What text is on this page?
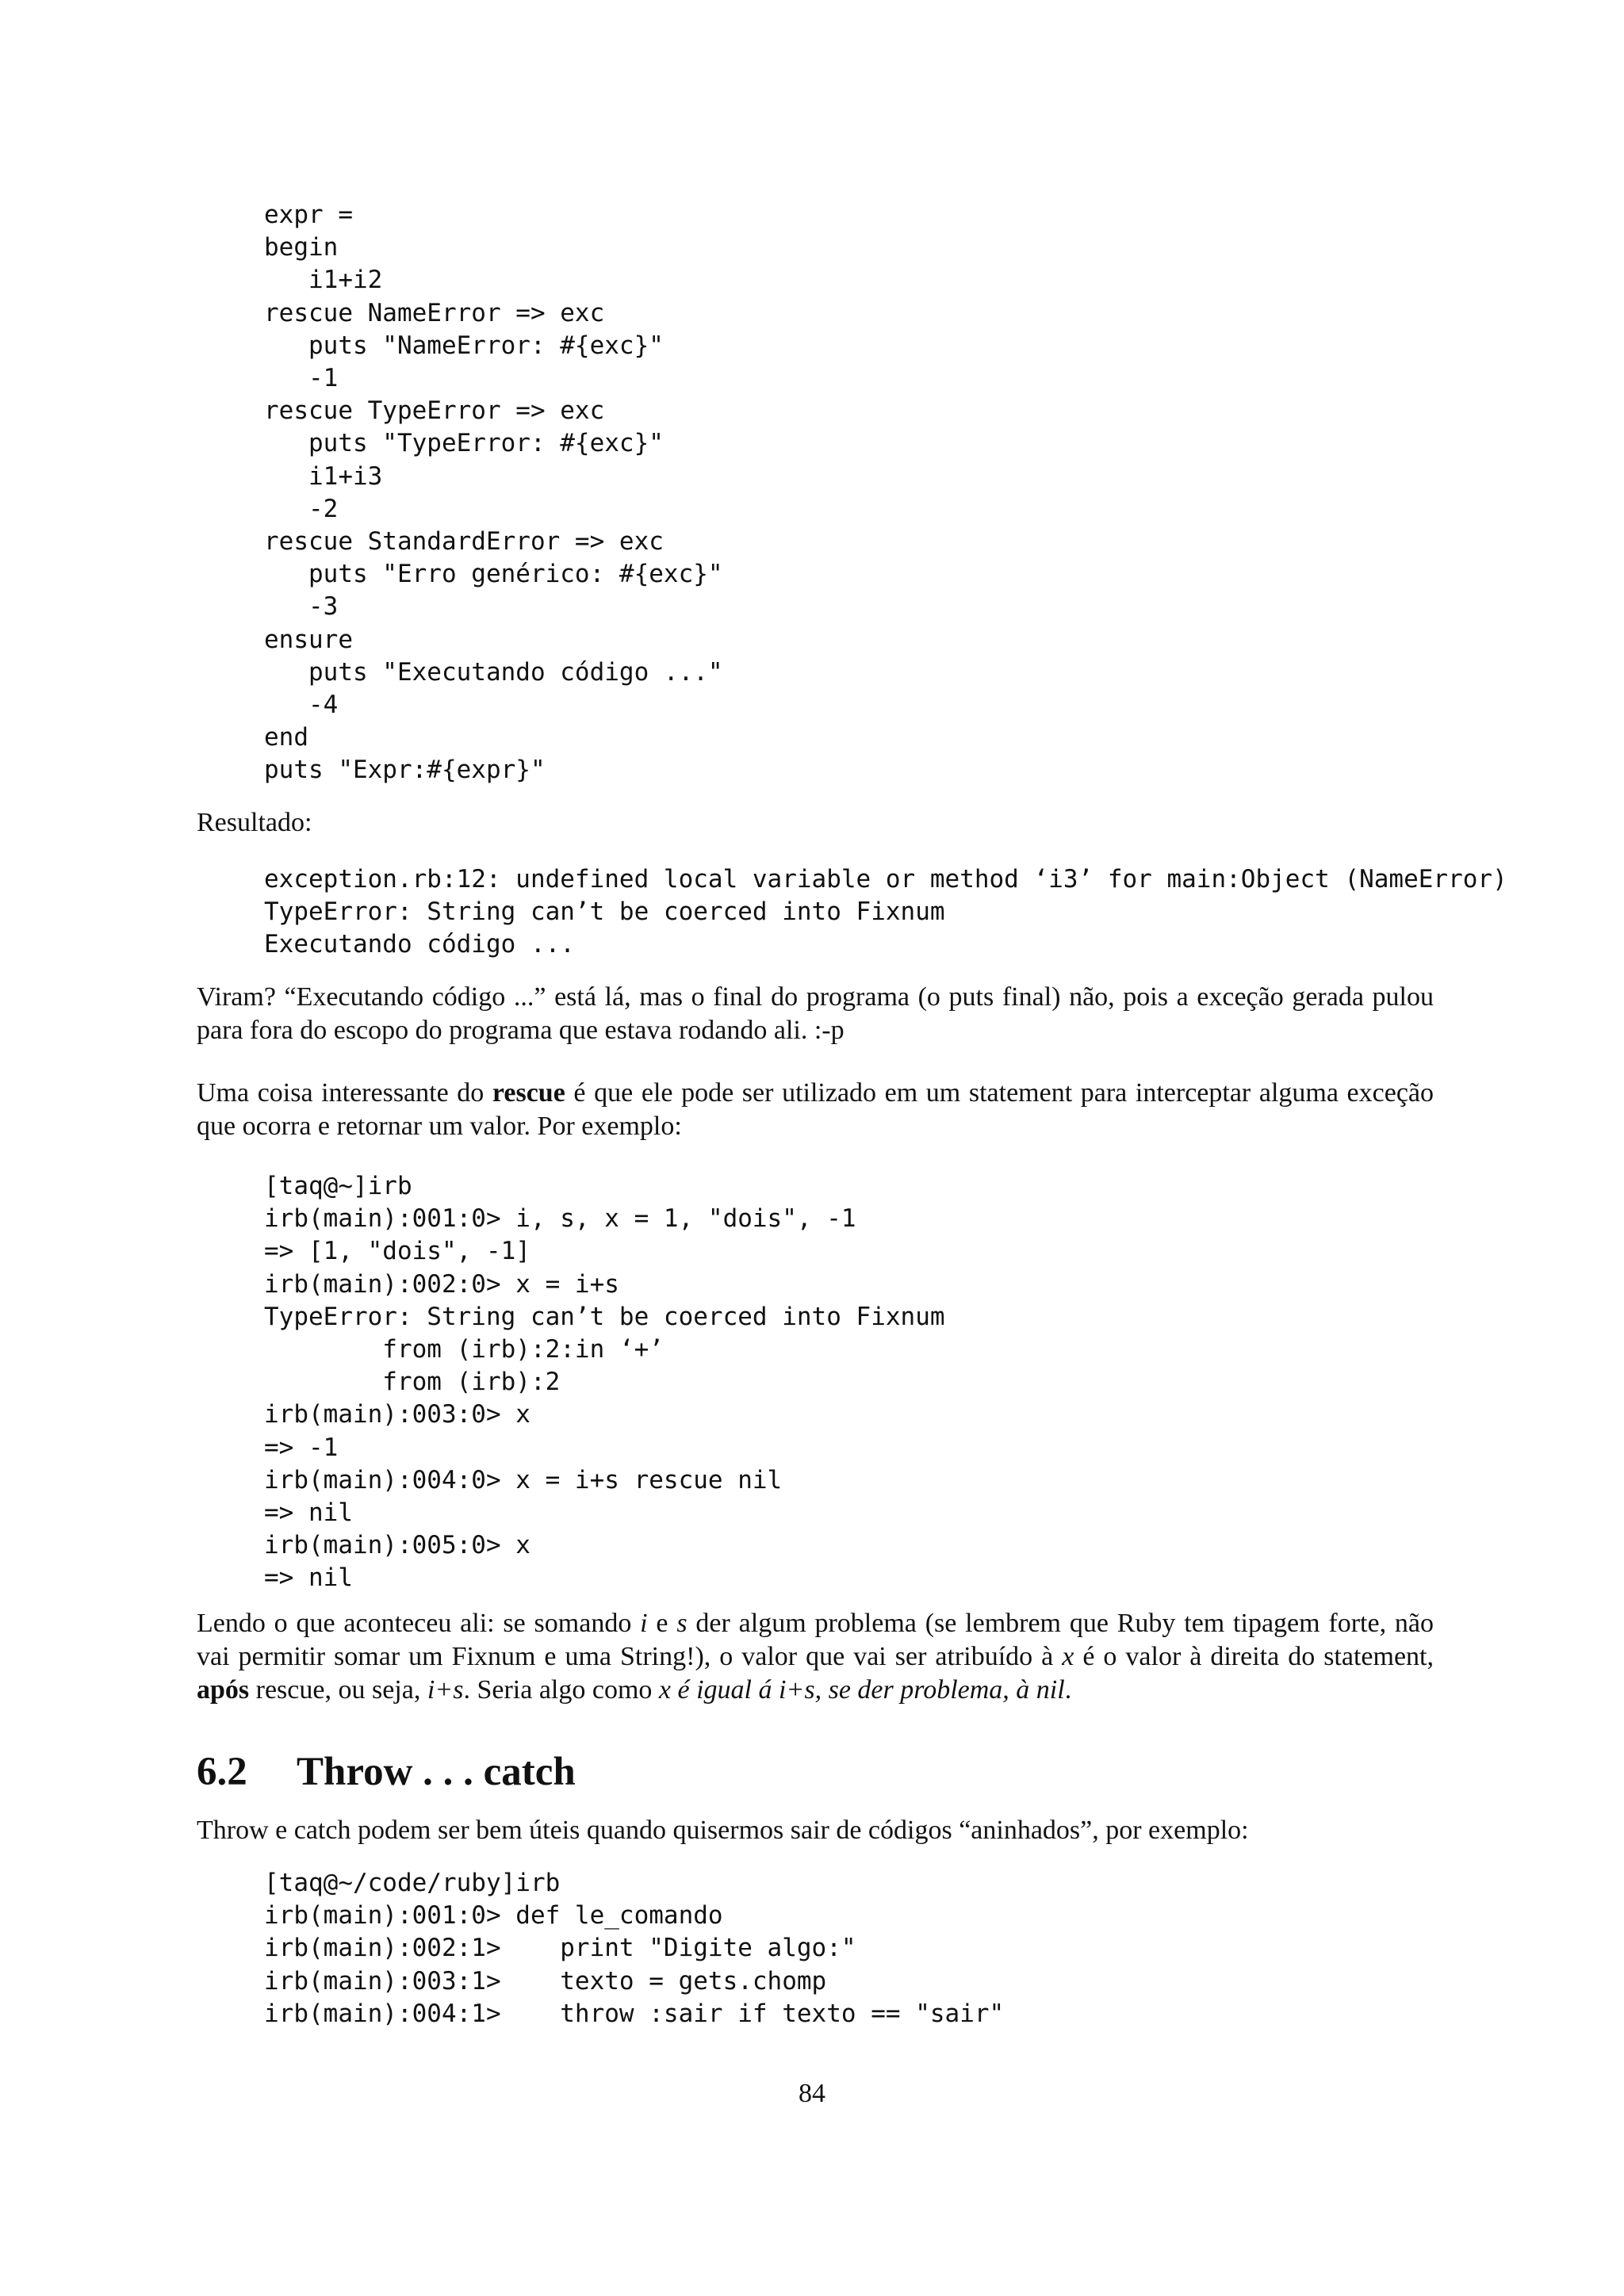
expr =
begin
i1+i2
rescue NameError => exc
puts "NameError: #{exc}"
-1
rescue TypeError => exc
puts "TypeError: #{exc}"
i1+i3
-2
rescue StandardError => exc
puts "Erro genérico: #{exc}"
-3
ensure
puts "Executando código ..."
-4
end
puts "Expr:#{expr}"

Resultado:

exception.rb:12: undefined local variable or method ‘i3’ for main:Object (NameError)
TypeError: String can’t be coerced into Fixnum
Executando código ...

Viram? “Executando código ...” está lá, mas o final do programa (o puts final) não, pois a exceção gerada pulou para fora do escopo do programa que estava rodando ali. :-p

Uma coisa interessante do rescue é que ele pode ser utilizado em um statement para interceptar alguma exceção que ocorra e retornar um valor. Por exemplo:

[taq@~]irb
irb(main):001:0> i, s, x = 1, "dois", -1
=> [1, "dois", -1]
irb(main):002:0> x = i+s
TypeError: String can’t be coerced into Fixnum
from (irb):2:in ‘+’
from (irb):2
irb(main):003:0> x
=> -1
irb(main):004:0> x = i+s rescue nil
=> nil
irb(main):005:0> x
=> nil

Lendo o que aconteceu ali: se somando i e s der algum problema (se lembrem que Ruby tem tipagem forte, não vai permitir somar um Fixnum e uma String!), o valor que vai ser atribuído à x é o valor à direita do statement, após rescue, ou seja, i+s. Seria algo como x é igual á i+s, se der problema, à nil.

6.2 Throw . . . catch

Throw e catch podem ser bem úteis quando quisermos sair de códigos “aninhados”, por exemplo:

[taq@~/code/ruby]irb
irb(main):001:0> def le_comando
irb(main):002:1>    print "Digite algo:"
irb(main):003:1>    texto = gets.chomp
irb(main):004:1>    throw :sair if texto == "sair"
84
